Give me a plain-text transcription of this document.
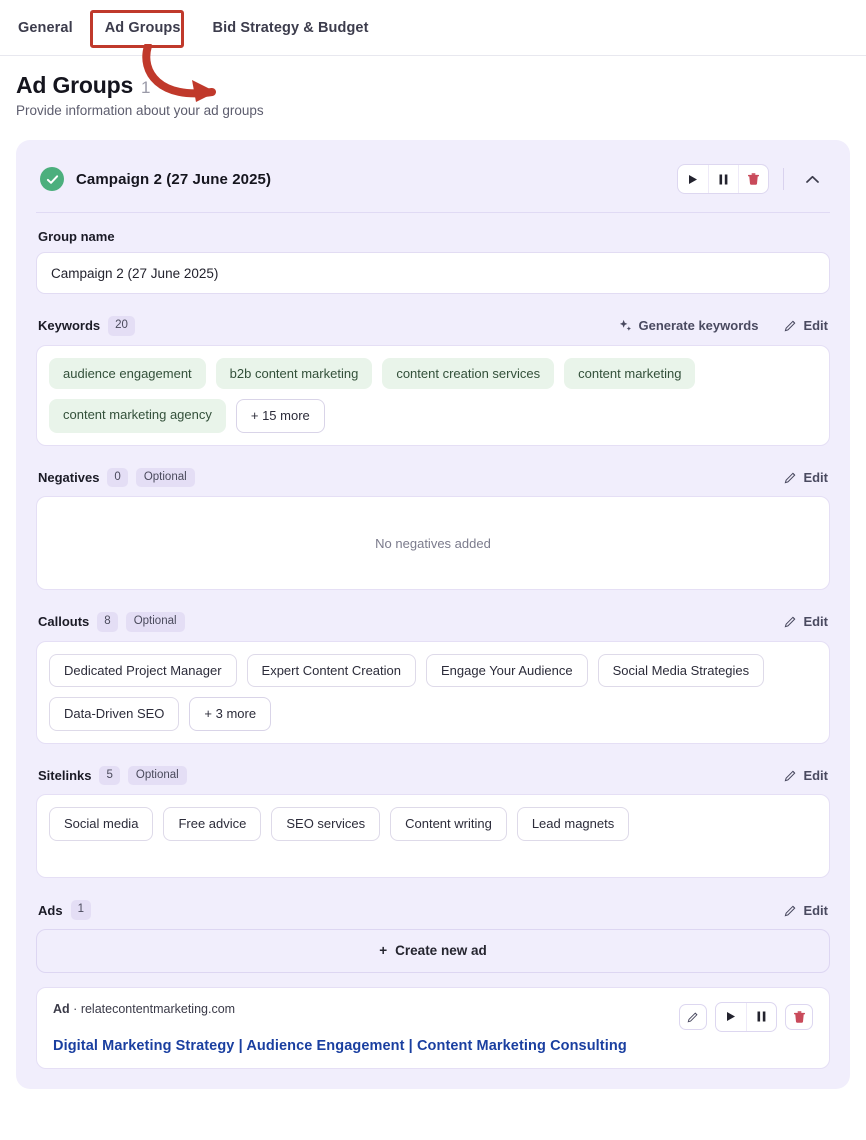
General Ad Groups Bid Strategy & Budget
Ad Groups 1

Provide information about your ad groups

Campaign 2 (27 June 2025)
Group name
Campaign 2 (27 June 2025)
Keywords	20	Generate keywords	Edit
audience engagement	b2b content marketing	content creation services	content marketing
content marketing agency	+ 15 more
Negatives	0	Optional	Edit
No negatives added
Callouts	8	Optional	Edit
Dedicated Project Manager	Expert Content Creation	Engage Your Audience	Social Media Strategies
Data-Driven SEO	+ 3 more
Sitelinks	5	Optional	Edit
Social media	Free advice	SEO services	Content writing	Lead magnets
Ads	1	Edit
+ Create new ad
Ad · relatecontentmarketing.com
Digital Marketing Strategy | Audience Engagement | Content Marketing Consulting
